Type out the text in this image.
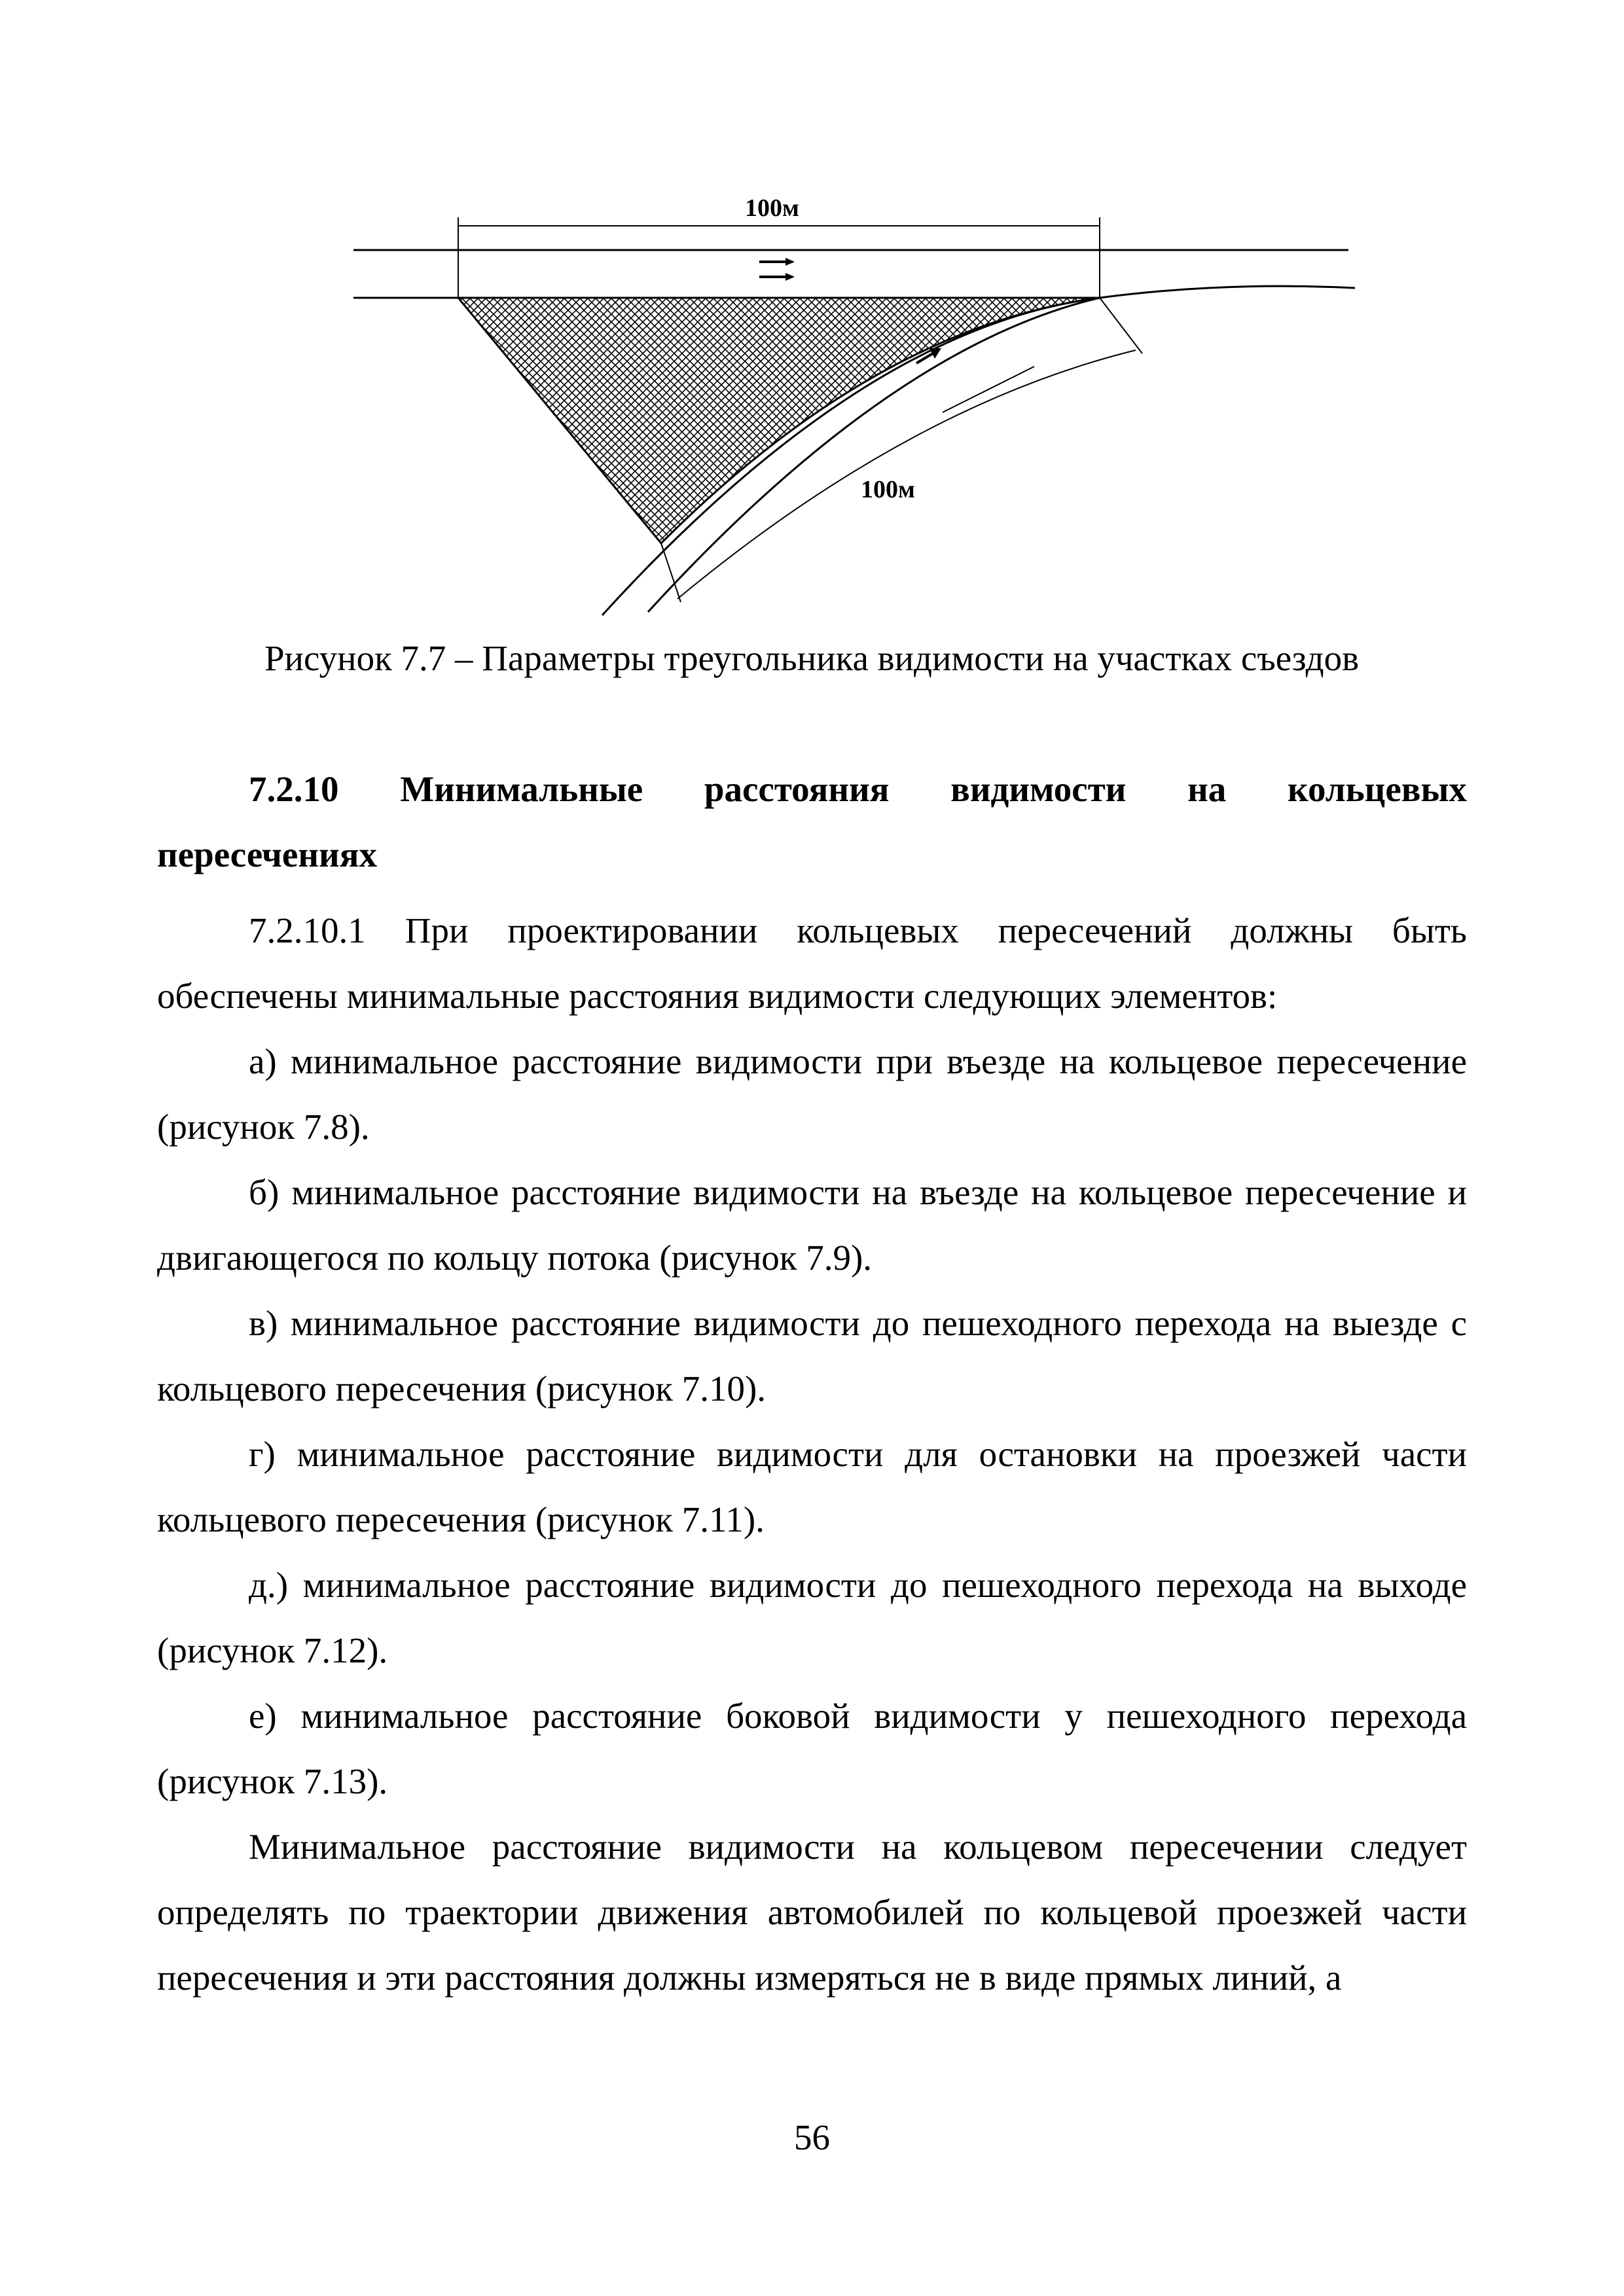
100м
100м
Рисунок 7.7 – Параметры треугольника видимости на участках съездов
7.2.10 Минимальные расстояния видимости на кольцевых
пересечениях

7.2.10.1 При проектировании кольцевых пересечений должны быть обеспечены минимальные расстояния видимости следующих элементов:

а) минимальное расстояние видимости при въезде на кольцевое пересечение (рисунок 7.8).

б) минимальное расстояние видимости на въезде на кольцевое пересечение и двигающегося по кольцу потока (рисунок 7.9).

в) минимальное расстояние видимости до пешеходного перехода на выезде с кольцевого пересечения (рисунок 7.10).

г) минимальное расстояние видимости для остановки на проезжей части кольцевого пересечения (рисунок 7.11).

д.) минимальное расстояние видимости до пешеходного перехода на выходе (рисунок 7.12).

е) минимальное расстояние боковой видимости у пешеходного перехода (рисунок 7.13).

Минимальное расстояние видимости на кольцевом пересечении следует определять по траектории движения автомобилей по кольцевой проезжей части пересечения и эти расстояния должны измеряться не в виде прямых линий, а

56
